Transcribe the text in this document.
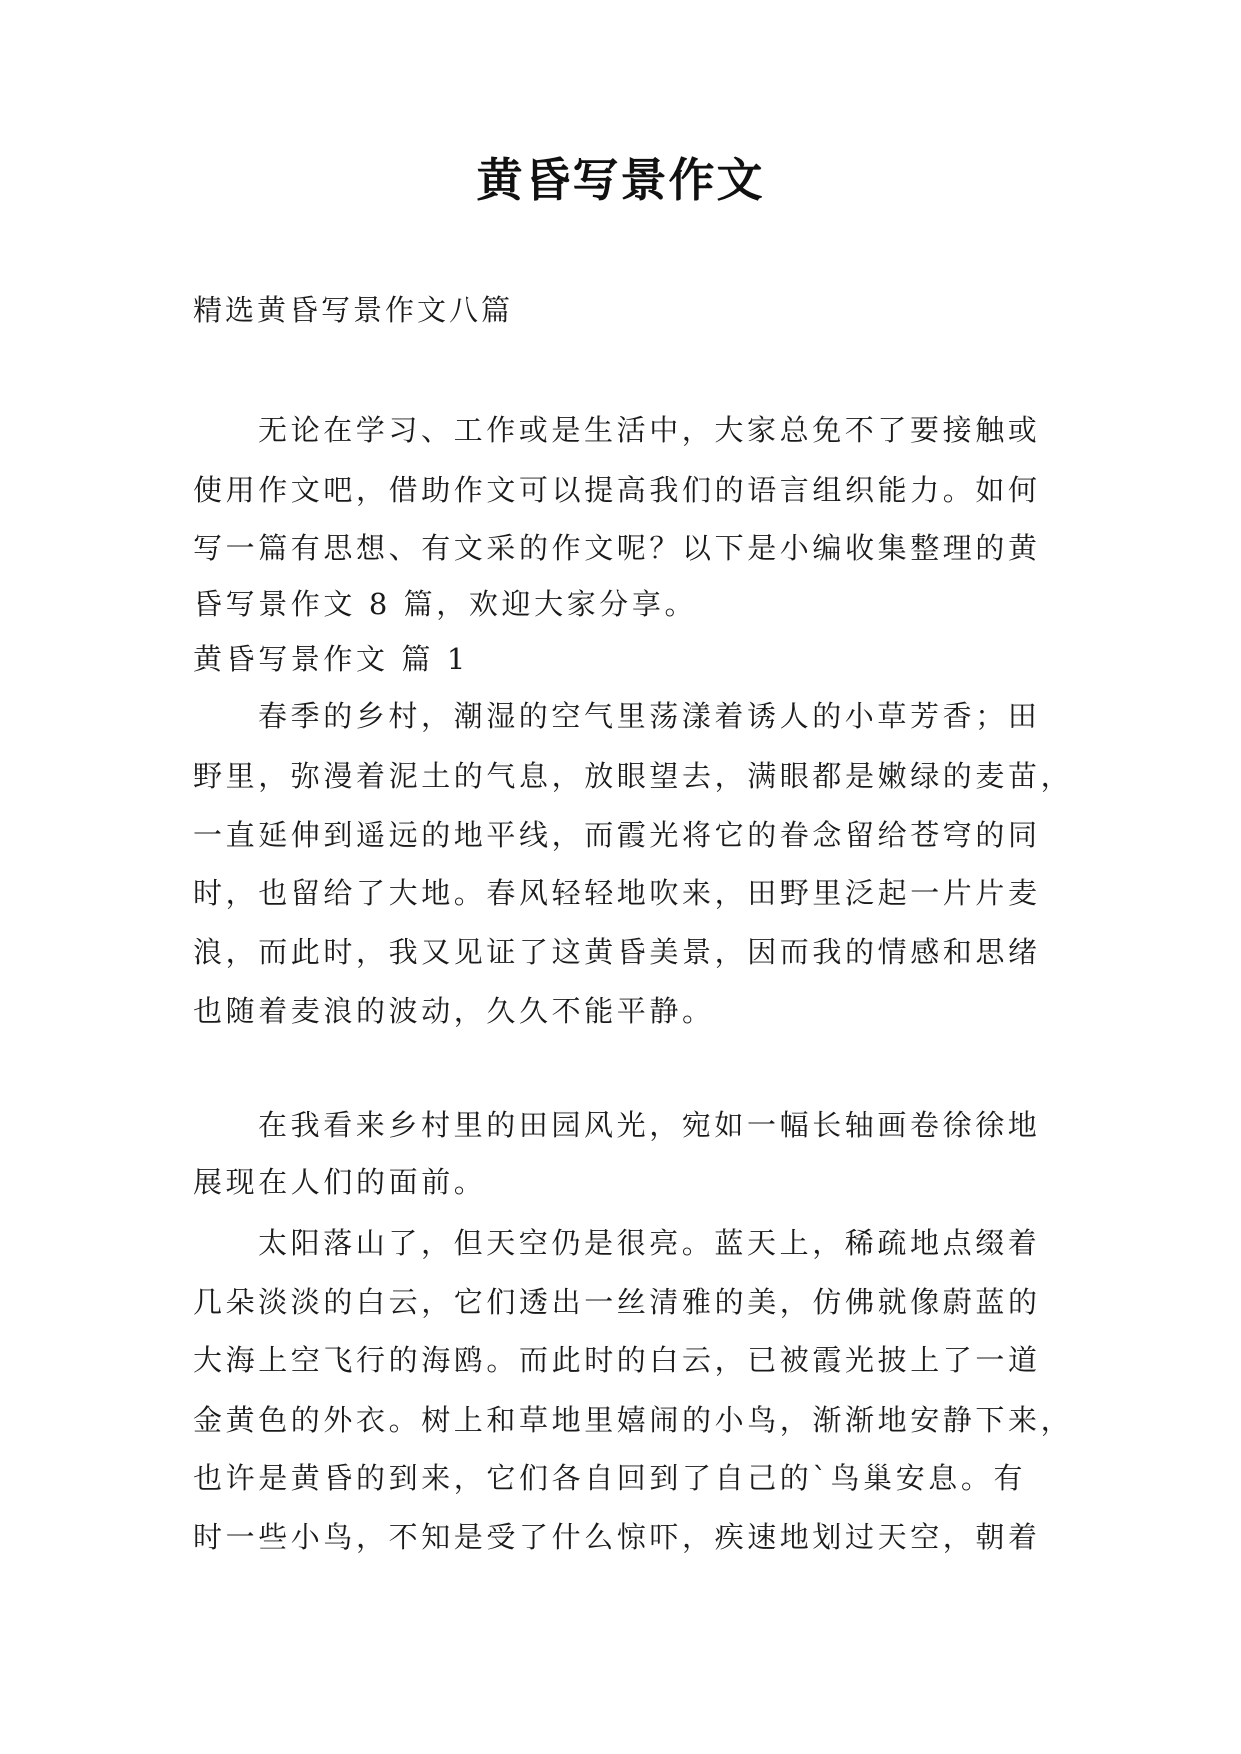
黄昏写景作文
精选黄昏写景作文八篇
无论在学习、工作或是生活中，大家总免不了要接触或
使用作文吧，借助作文可以提高我们的语言组织能力。如何
写一篇有思想、有文采的作文呢？以下是小编收集整理的黄
昏写景作文 8 篇，欢迎大家分享。
黄昏写景作文 篇 1
春季的乡村，潮湿的空气里荡漾着诱人的小草芳香；田
野里，弥漫着泥土的气息，放眼望去，满眼都是嫩绿的麦苗，
一直延伸到遥远的地平线，而霞光将它的眷念留给苍穹的同
时，也留给了大地。春风轻轻地吹来，田野里泛起一片片麦
浪，而此时，我又见证了这黄昏美景，因而我的情感和思绪
也随着麦浪的波动，久久不能平静。
在我看来乡村里的田园风光，宛如一幅长轴画卷徐徐地
展现在人们的面前。
太阳落山了，但天空仍是很亮。蓝天上，稀疏地点缀着
几朵淡淡的白云，它们透出一丝清雅的美，仿佛就像蔚蓝的
大海上空飞行的海鸥。而此时的白云，已被霞光披上了一道
金黄色的外衣。树上和草地里嬉闹的小鸟，渐渐地安静下来，
也许是黄昏的到来，它们各自回到了自己的`鸟巢安息。有
时一些小鸟，不知是受了什么惊吓，疾速地划过天空，朝着
